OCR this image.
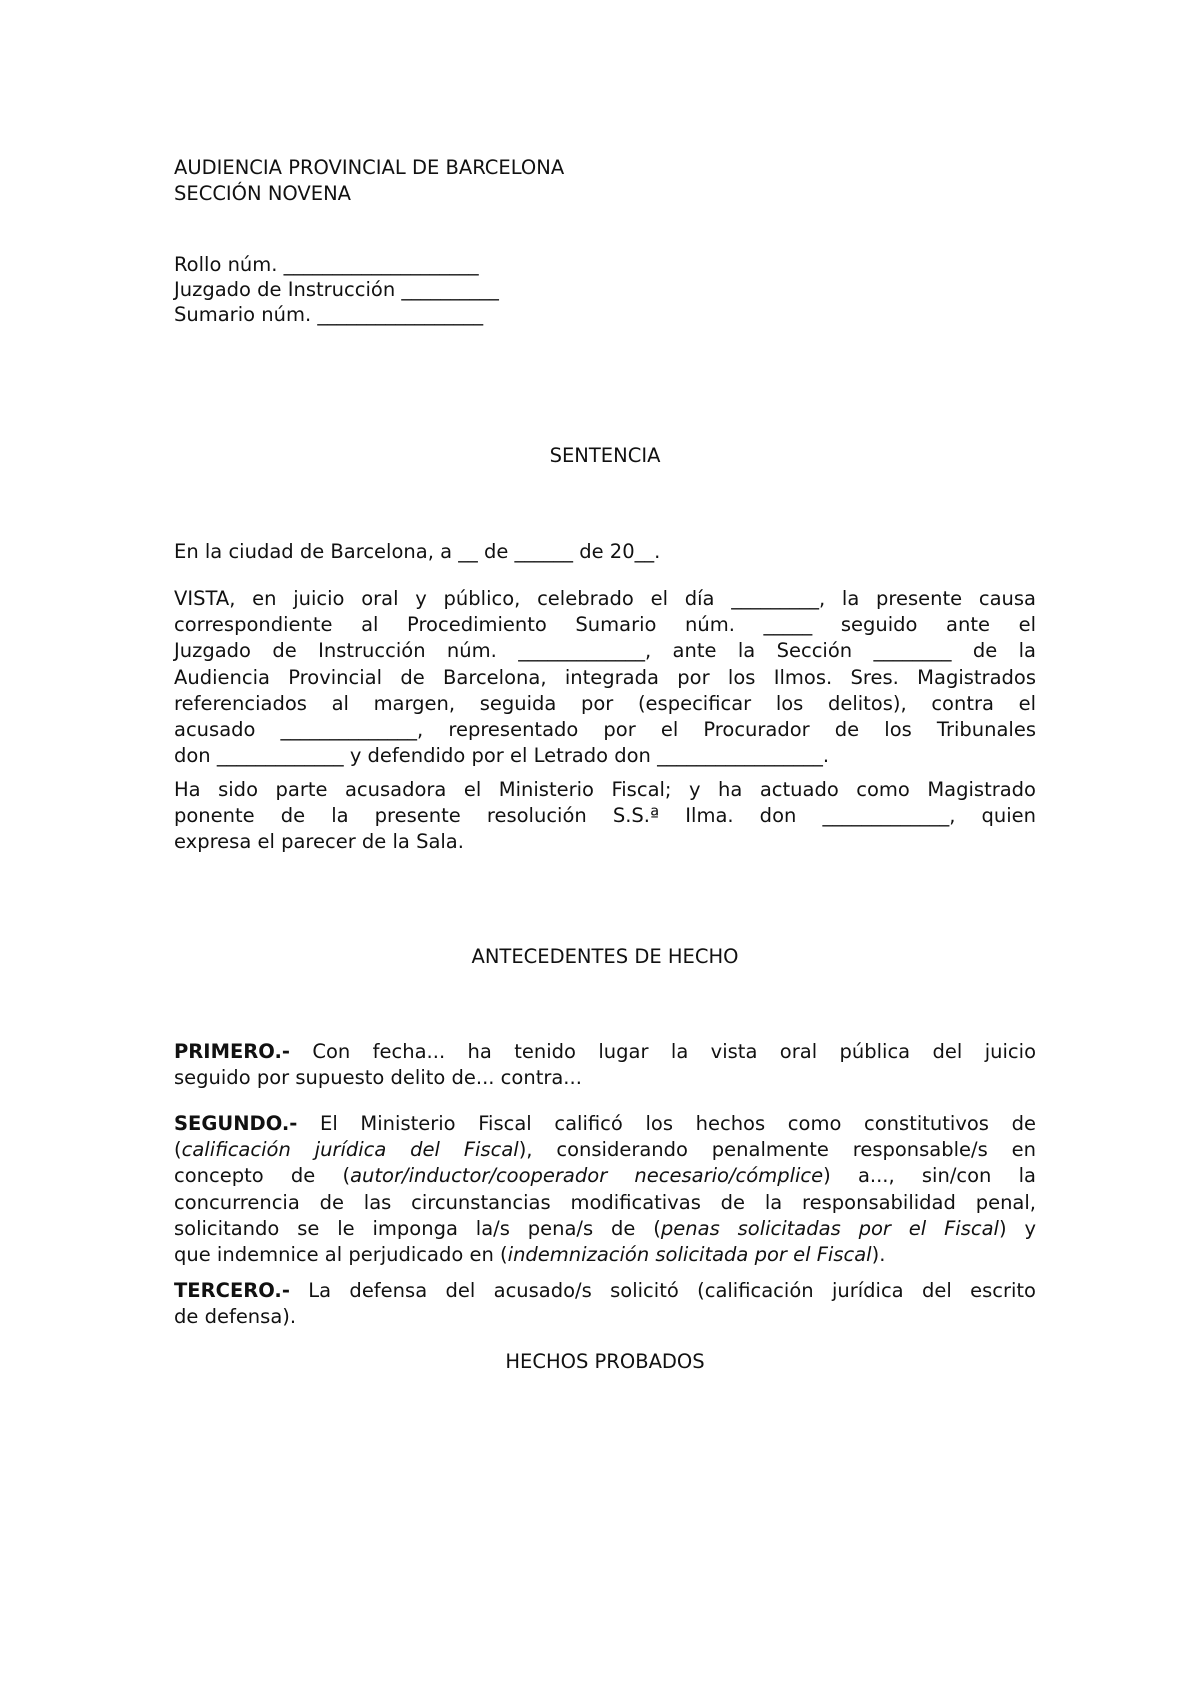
AUDIENCIA PROVINCIAL DE BARCELONA
SECCIÓN NOVENA
Rollo núm. ____________________
Juzgado de Instrucción __________
Sumario núm. _________________
SENTENCIA
En la ciudad de Barcelona, a __ de ______ de 20__.
VISTA, en juicio oral y público, celebrado el día _________, la presente causa
correspondiente al Procedimiento Sumario núm. _____ seguido ante el
Juzgado de Instrucción núm. _____________, ante la Sección ________ de la
Audiencia Provincial de Barcelona, integrada por los Ilmos. Sres. Magistrados
referenciados al margen, seguida por (especificar los delitos), contra el
acusado ______________, representado por el Procurador de los Tribunales
don _____________ y defendido por el Letrado don _________________.
Ha sido parte acusadora el Ministerio Fiscal; y ha actuado como Magistrado
ponente de la presente resolución S.S.ª Ilma. don _____________, quien
expresa el parecer de la Sala.
ANTECEDENTES DE HECHO
PRIMERO.- Con fecha... ha tenido lugar la vista oral pública del juicio
seguido por supuesto delito de... contra...
SEGUNDO.- El Ministerio Fiscal calificó los hechos como constitutivos de
(calificación jurídica del Fiscal), considerando penalmente responsable/s en
concepto de (autor/inductor/cooperador necesario/cómplice) a..., sin/con la
concurrencia de las circunstancias modificativas de la responsabilidad penal,
solicitando se le imponga la/s pena/s de (penas solicitadas por el Fiscal) y
que indemnice al perjudicado en (indemnización solicitada por el Fiscal).
TERCERO.- La defensa del acusado/s solicitó (calificación jurídica del escrito
de defensa).
HECHOS PROBADOS
